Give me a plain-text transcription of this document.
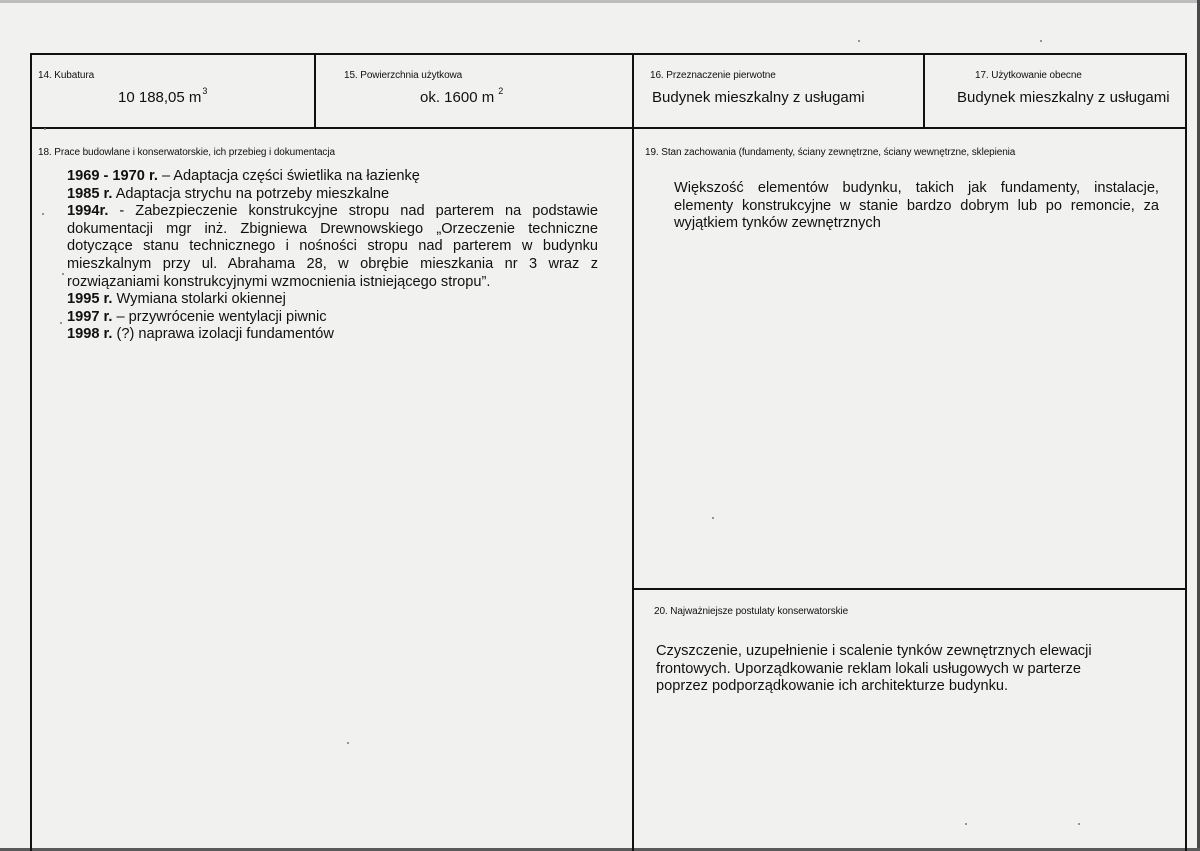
14. Kubatura
10 188,05 $m^3$
15. Powierzchnia użytkowa
ok. 1600 m $^2$
16. Przeznaczenie pierwotne
Budynek mieszkalny z usługami
17. Użytkowanie obecne
Budynek mieszkalny z usługami
18. Prace budowlane i konserwatorskie, ich przebieg i dokumentacja

1969 - 1970 r. – Adaptacja części świetlika na łazienkę

1985 r. Adaptacja strychu na potrzeby mieszkalne

1994r. - Zabezpieczenie konstrukcyjne stropu nad parterem na podstawie dokumentacji mgr inż. Zbigniewa Drewnowskiego „Orzeczenie techniczne dotyczące stanu technicznego i nośności stropu nad parterem w budynku mieszkalnym przy ul. Abrahama 28, w obrębie mieszkania nr 3 wraz z rozwiązaniami konstrukcyjnymi wzmocnienia istniejącego stropu”.

1995 r. Wymiana stolarki okiennej

1997 r. – przywrócenie wentylacji piwnic

1998 r. (?) naprawa izolacji fundamentów

19. Stan zachowania (fundamenty, ściany zewnętrzne, ściany wewnętrzne, sklepienia
Większość elementów budynku, takich jak fundamenty, instalacje, elementy konstrukcyjne w stanie bardzo dobrym lub po remoncie, za wyjątkiem tynków zewnętrznych
20. Najważniejsze postulaty konserwatorskie
Czyszczenie, uzupełnienie i scalenie tynków zewnętrznych elewacji frontowych. Uporządkowanie reklam lokali usługowych w parterze poprzez podporządkowanie ich architekturze budynku.
